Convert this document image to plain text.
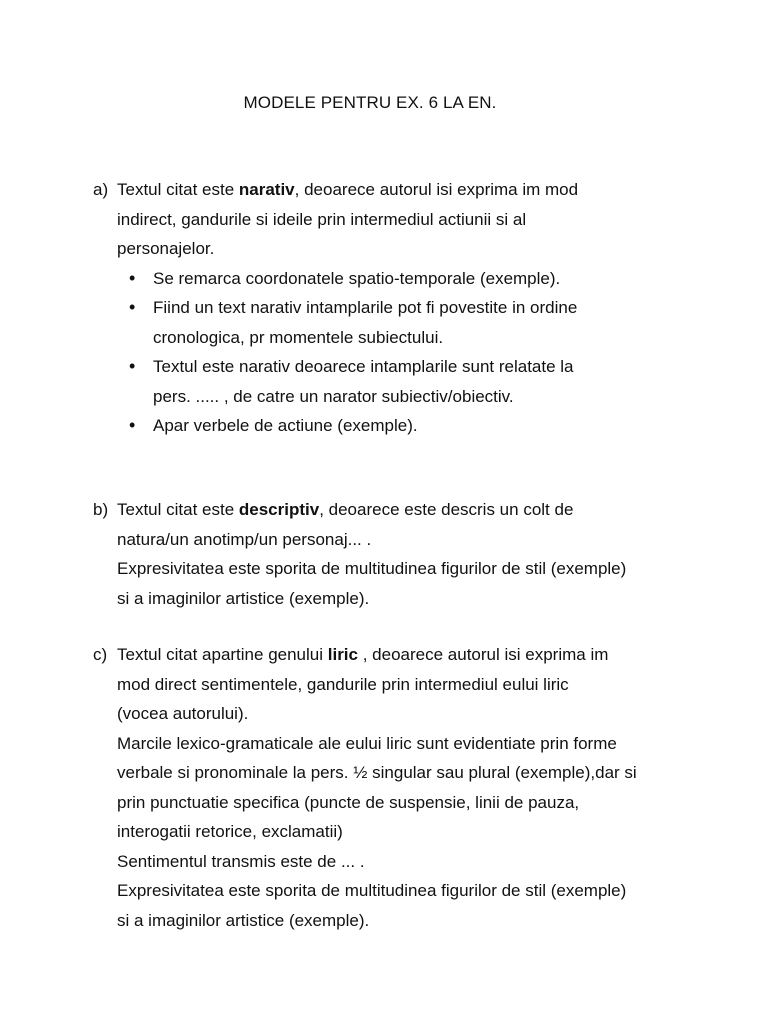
MODELE PENTRU EX. 6 LA EN.
a) Textul citat este narativ, deoarece autorul isi exprima im mod
indirect, gandurile si ideile prin intermediul actiunii si al
personajelor.
• Se remarca coordonatele spatio-temporale (exemple).
• Fiind un text narativ intamplarile pot fi povestite in ordine
cronologica, pr momentele subiectului.
• Textul este narativ deoarece intamplarile sunt relatate la
pers. ..... , de catre un narator subiectiv/obiectiv.
• Apar verbele de actiune (exemple).
b) Textul citat este descriptiv, deoarece este descris un colt de
natura/un anotimp/un personaj... .
Expresivitatea este sporita de multitudinea figurilor de stil (exemple)
si a imaginilor artistice (exemple).
c) Textul citat apartine genului liric , deoarece autorul isi exprima im
mod direct sentimentele, gandurile prin intermediul eului liric
(vocea autorului).
Marcile lexico-gramaticale ale eului liric sunt evidentiate prin forme
verbale si pronominale la pers. ½ singular sau plural (exemple),dar si
prin punctuatie specifica (puncte de suspensie, linii de pauza,
interogatii retorice, exclamatii)
Sentimentul transmis este de ... .
Expresivitatea este sporita de multitudinea figurilor de stil (exemple)
si a imaginilor artistice (exemple).
